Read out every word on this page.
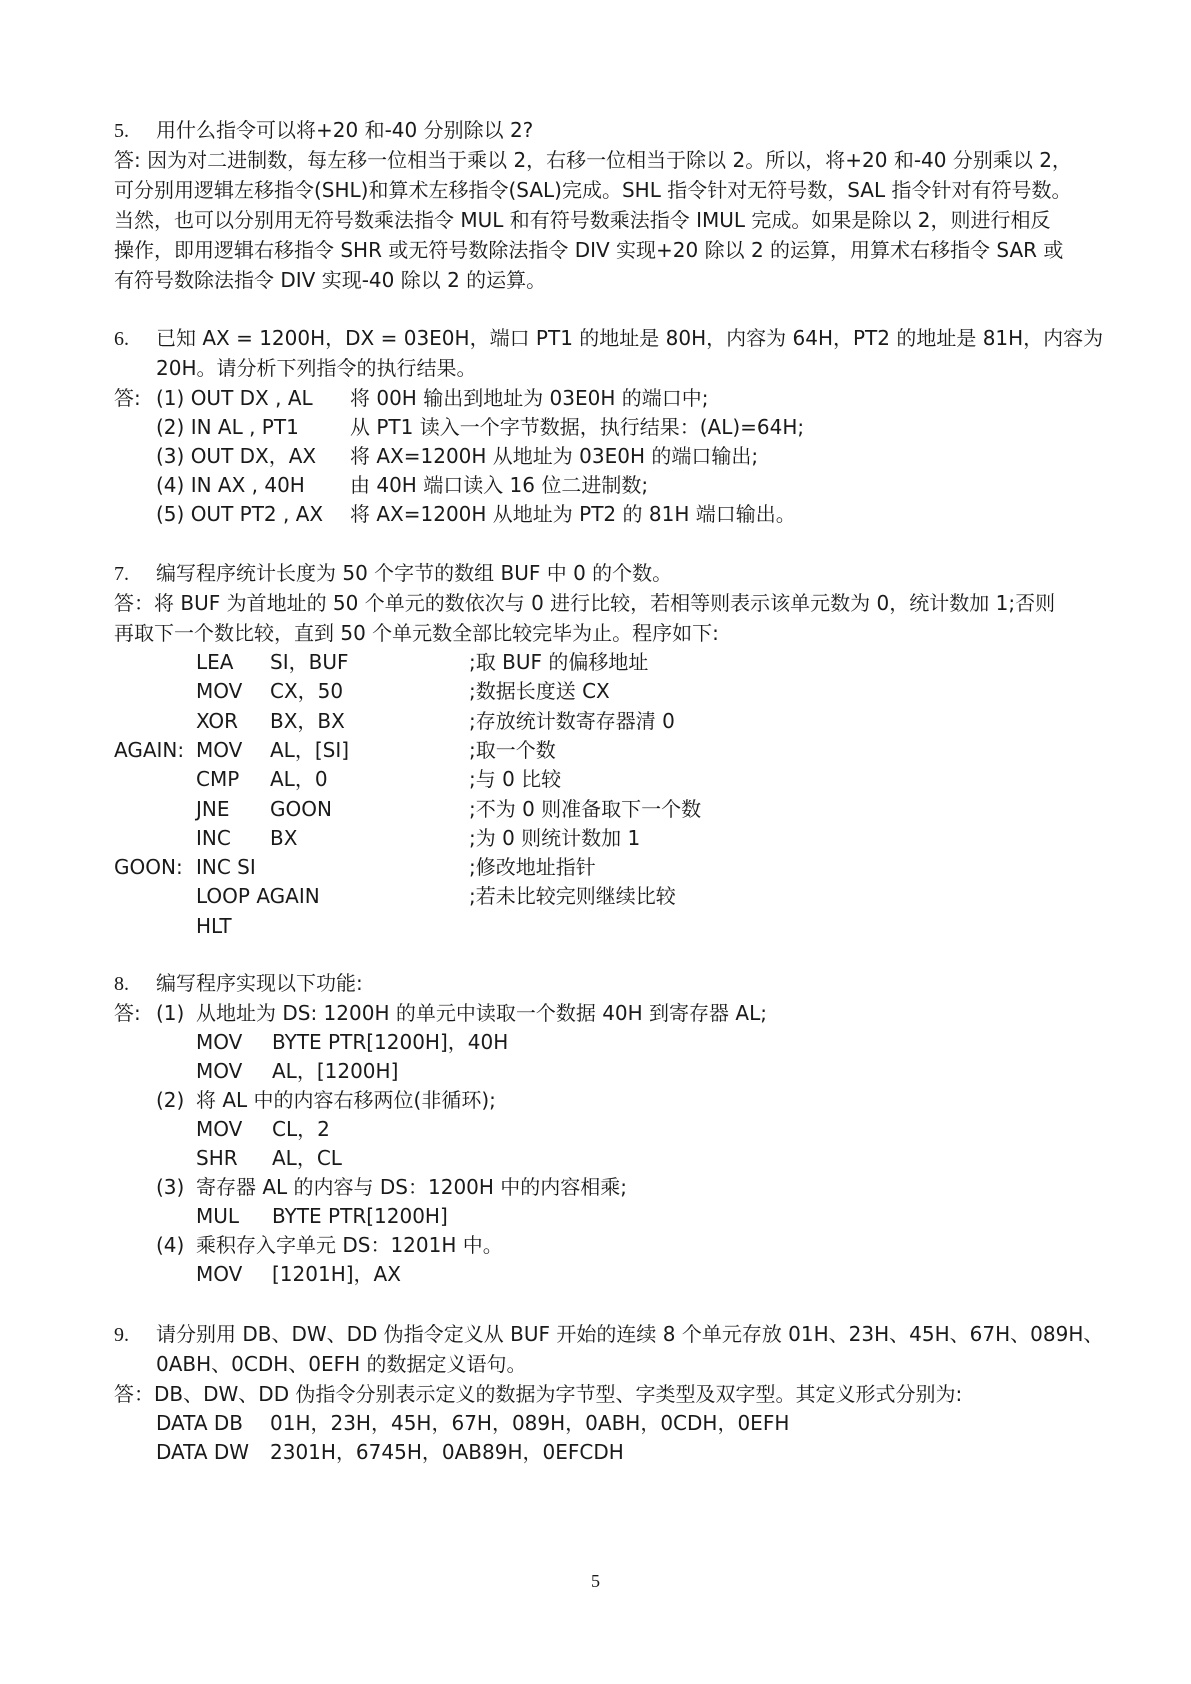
5. 用什么指令可以将+20 和-40 分别除以 2?
答: 因为对二进制数，每左移一位相当于乘以 2，右移一位相当于除以 2。所以，将+20 和-40 分别乘以 2，
可分别用逻辑左移指令(SHL)和算术左移指令(SAL)完成。SHL 指令针对无符号数，SAL 指令针对有符号数。
当然，也可以分别用无符号数乘法指令 MUL 和有符号数乘法指令 IMUL 完成。如果是除以 2，则进行相反
操作，即用逻辑右移指令 SHR 或无符号数除法指令 DIV 实现+20 除以 2 的运算，用算术右移指令 SAR 或
有符号数除法指令 DIV 实现-40 除以 2 的运算。
6. 已知 AX = 1200H，DX = 03E0H，端口 PT1 的地址是 80H，内容为 64H，PT2 的地址是 81H，内容为
20H。请分析下列指令的执行结果。
答: (1) OUT DX , AL 将 00H 输出到地址为 03E0H 的端口中;
(2) IN AL , PT1	从 PT1 读入一个字节数据，执行结果：(AL)=64H;
(3) OUT DX，AX 将 AX=1200H 从地址为 03E0H 的端口输出;
(4) IN AX , 40H 由 40H 端口读入 16 位二进制数;
(5) OUT PT2 , AX 将 AX=1200H 从地址为 PT2 的 81H 端口输出。
7. 编写程序统计长度为 50 个字节的数组 BUF 中 0 的个数。
答：将 BUF 为首地址的 50 个单元的数依次与 0 进行比较，若相等则表示该单元数为 0，统计数加 1;否则
再取下一个数比较，直到 50 个单元数全部比较完毕为止。程序如下:
LEA SI，BUF	;取 BUF 的偏移地址
MOV CX，50	;数据长度送 CX
XOR BX，BX	;存放统计数寄存器清 0
AGAIN: MOV AL，[SI]	;取一个数
CMP AL，0	;与 0 比较
JNE GOON	;不为 0 则准备取下一个数
INC BX	;为 0 则统计数加 1
GOON: INC SI	;修改地址指针
LOOP AGAIN	;若未比较完则继续比较
HLT
8. 编写程序实现以下功能:
答: (1) 从地址为 DS: 1200H 的单元中读取一个数据 40H 到寄存器 AL;
MOV BYTE PTR[1200H]，40H
MOV AL，[1200H]
(2) 将 AL 中的内容右移两位(非循环);
MOV CL，2
SHR AL，CL
(3) 寄存器 AL 的内容与 DS：1200H 中的内容相乘;
MUL BYTE PTR[1200H]
(4) 乘积存入字单元 DS：1201H 中。
MOV [1201H]，AX
9. 请分别用 DB、DW、DD 伪指令定义从 BUF 开始的连续 8 个单元存放 01H、23H、45H、67H、089H、
0ABH、0CDH、0EFH 的数据定义语句。
答：DB、DW、DD 伪指令分别表示定义的数据为字节型、字类型及双字型。其定义形式分别为:
DATA DB 01H，23H，45H，67H，089H，0ABH，0CDH，0EFH
DATA DW 2301H，6745H，0AB89H，0EFCDH
5
